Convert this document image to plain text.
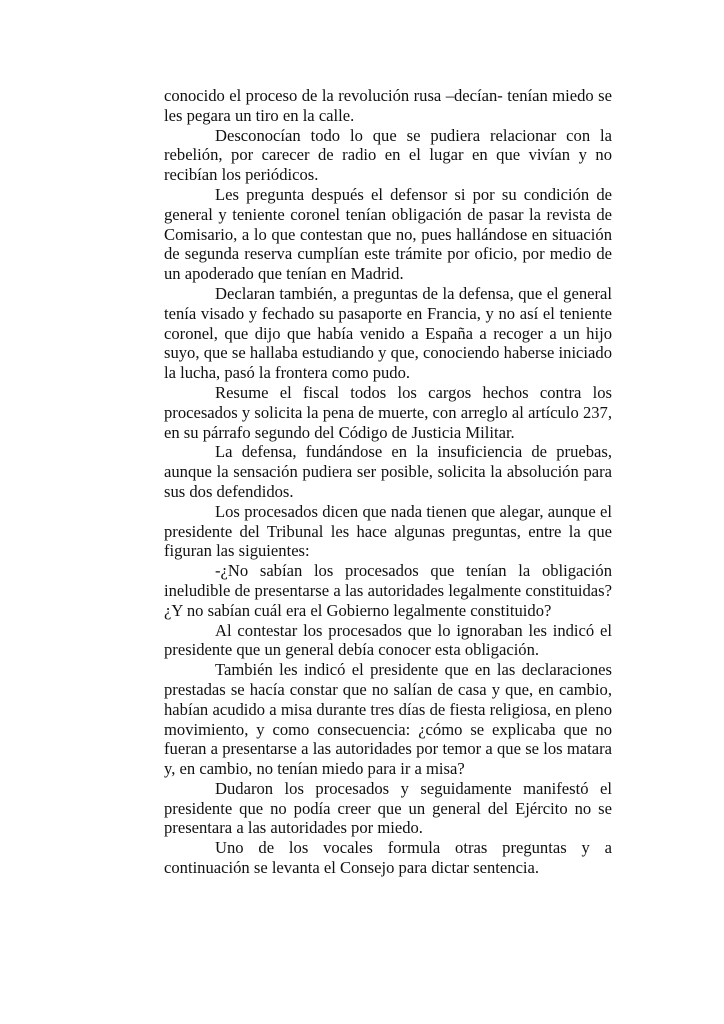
conocido el proceso de la revolución rusa –decían- tenían miedo se les pegara un tiro en la calle.

Desconocían todo lo que se pudiera relacionar con la rebelión, por carecer de radio en el lugar en que vivían y no recibían los periódicos.

Les pregunta después el defensor si por su condición de general y teniente coronel tenían obligación de pasar la revista de Comisario, a lo que contestan que no, pues hallándose en situación de segunda reserva cumplían este trámite por oficio, por medio de un apoderado que tenían en Madrid.

Declaran también, a preguntas de la defensa, que el general tenía visado y fechado su pasaporte en Francia, y no así el teniente coronel, que dijo que había venido a España a recoger a un hijo suyo, que se hallaba estudiando y que, conociendo haberse iniciado la lucha, pasó la frontera como pudo.

Resume el fiscal todos los cargos hechos contra los procesados y solicita la pena de muerte, con arreglo al artículo 237, en su párrafo segundo del Código de Justicia Militar.

La defensa, fundándose en la insuficiencia de pruebas, aunque la sensación pudiera ser posible, solicita la absolución para sus dos defendidos.

Los procesados dicen que nada tienen que alegar, aunque el presidente del Tribunal les hace algunas preguntas, entre la que figuran las siguientes:

-¿No sabían los procesados que tenían la obligación ineludible de presentarse a las autoridades legalmente constituidas? ¿Y no sabían cuál era el Gobierno legalmente constituido?

Al contestar los procesados que lo ignoraban les indicó el presidente que un general debía conocer esta obligación.

También les indicó el presidente que en las declaraciones prestadas se hacía constar que no salían de casa y que, en cambio, habían acudido a misa durante tres días de fiesta religiosa, en pleno movimiento, y como consecuencia: ¿cómo se explicaba que no fueran a presentarse a las autoridades por temor a que se los matara y, en cambio, no tenían miedo para ir a misa?

Dudaron los procesados y seguidamente manifestó el presidente que no podía creer que un general del Ejército no se presentara a las autoridades por miedo.

Uno de los vocales formula otras preguntas y a continuación se levanta el Consejo para dictar sentencia.
